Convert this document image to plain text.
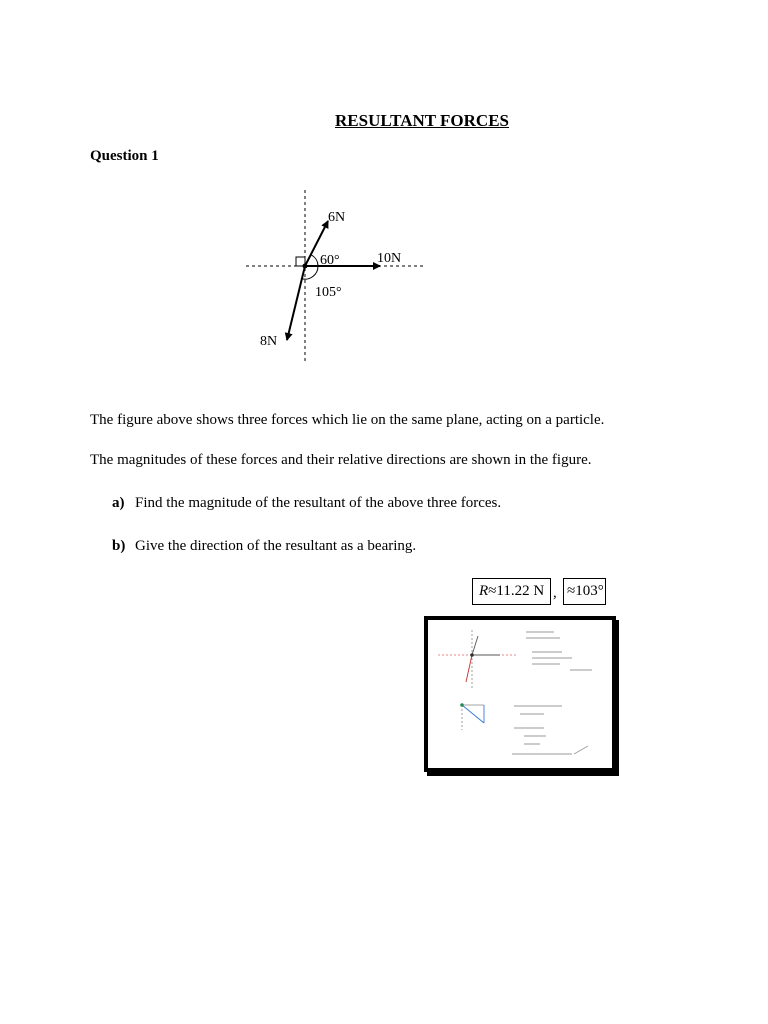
RESULTANT FORCES
Question 1
6N
10N
8N
60°
105°
The figure above shows three forces which lie on the same plane, acting on a particle.
The magnitudes of these forces and their relative directions are shown in the figure.
a) Find the magnitude of the resultant of the above three forces.
b) Give the direction of the resultant as a bearing.
R≈11.22 N , ≈103°
